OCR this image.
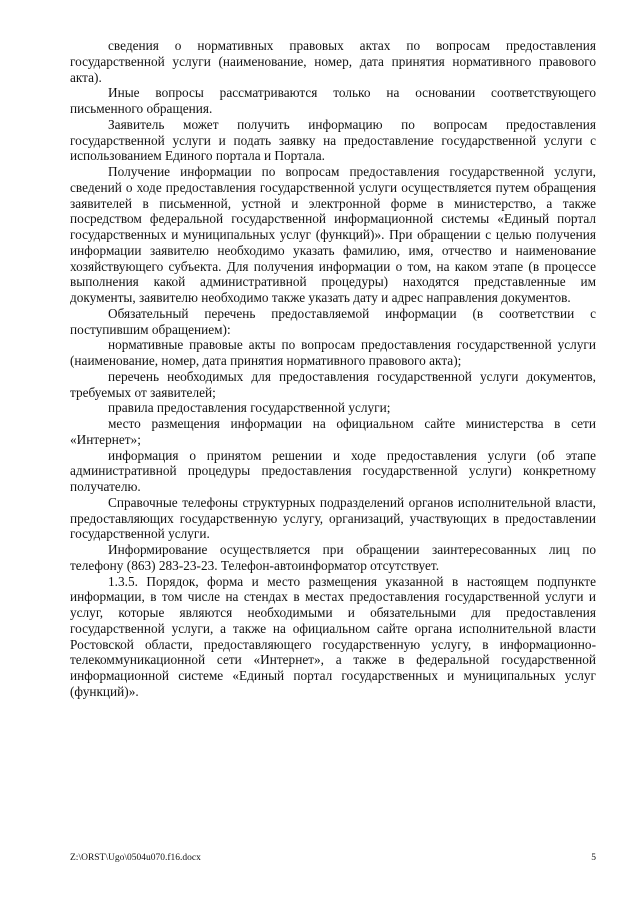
сведения о нормативных правовых актах по вопросам предоставления государственной услуги (наименование, номер, дата принятия нормативного правового акта).

Иные вопросы рассматриваются только на основании соответствующего письменного обращения.

Заявитель может получить информацию по вопросам предоставления государственной услуги и подать заявку на предоставление государственной услуги с использованием Единого портала и Портала.

Получение информации по вопросам предоставления государственной услуги, сведений о ходе предоставления государственной услуги осуществляется путем обращения заявителей в письменной, устной и электронной форме в министерство, а также посредством федеральной государственной информационной системы «Единый портал государственных и муниципальных услуг (функций)». При обращении с целью получения информации заявителю необходимо указать фамилию, имя, отчество и наименование хозяйствующего субъекта. Для получения информации о том, на каком этапе (в процессе выполнения какой административной процедуры) находятся представленные им документы, заявителю необходимо также указать дату и адрес направления документов.

Обязательный перечень предоставляемой информации (в соответствии с поступившим обращением):

нормативные правовые акты по вопросам предоставления государственной услуги (наименование, номер, дата принятия нормативного правового акта);

перечень необходимых для предоставления государственной услуги документов, требуемых от заявителей;

правила предоставления государственной услуги;

место размещения информации на официальном сайте министерства в сети «Интернет»;

информация о принятом решении и ходе предоставления услуги (об этапе административной процедуры предоставления государственной услуги) конкретному получателю.

Справочные телефоны структурных подразделений органов исполнительной власти, предоставляющих государственную услугу, организаций, участвующих в предоставлении государственной услуги.

Информирование осуществляется при обращении заинтересованных лиц по телефону (863) 283-23-23. Телефон-автоинформатор отсутствует.

1.3.5. Порядок, форма и место размещения указанной в настоящем подпункте информации, в том числе на стендах в местах предоставления государственной услуги и услуг, которые являются необходимыми и обязательными для предоставления государственной услуги, а также на официальном сайте органа исполнительной власти Ростовской области, предоставляющего государственную услугу, в информационно-телекоммуникационной сети «Интернет», а также в федеральной государственной информационной системе «Единый портал государственных и муниципальных услуг (функций)».

Z:\ORST\Ugo\0504u070.f16.docx	5
